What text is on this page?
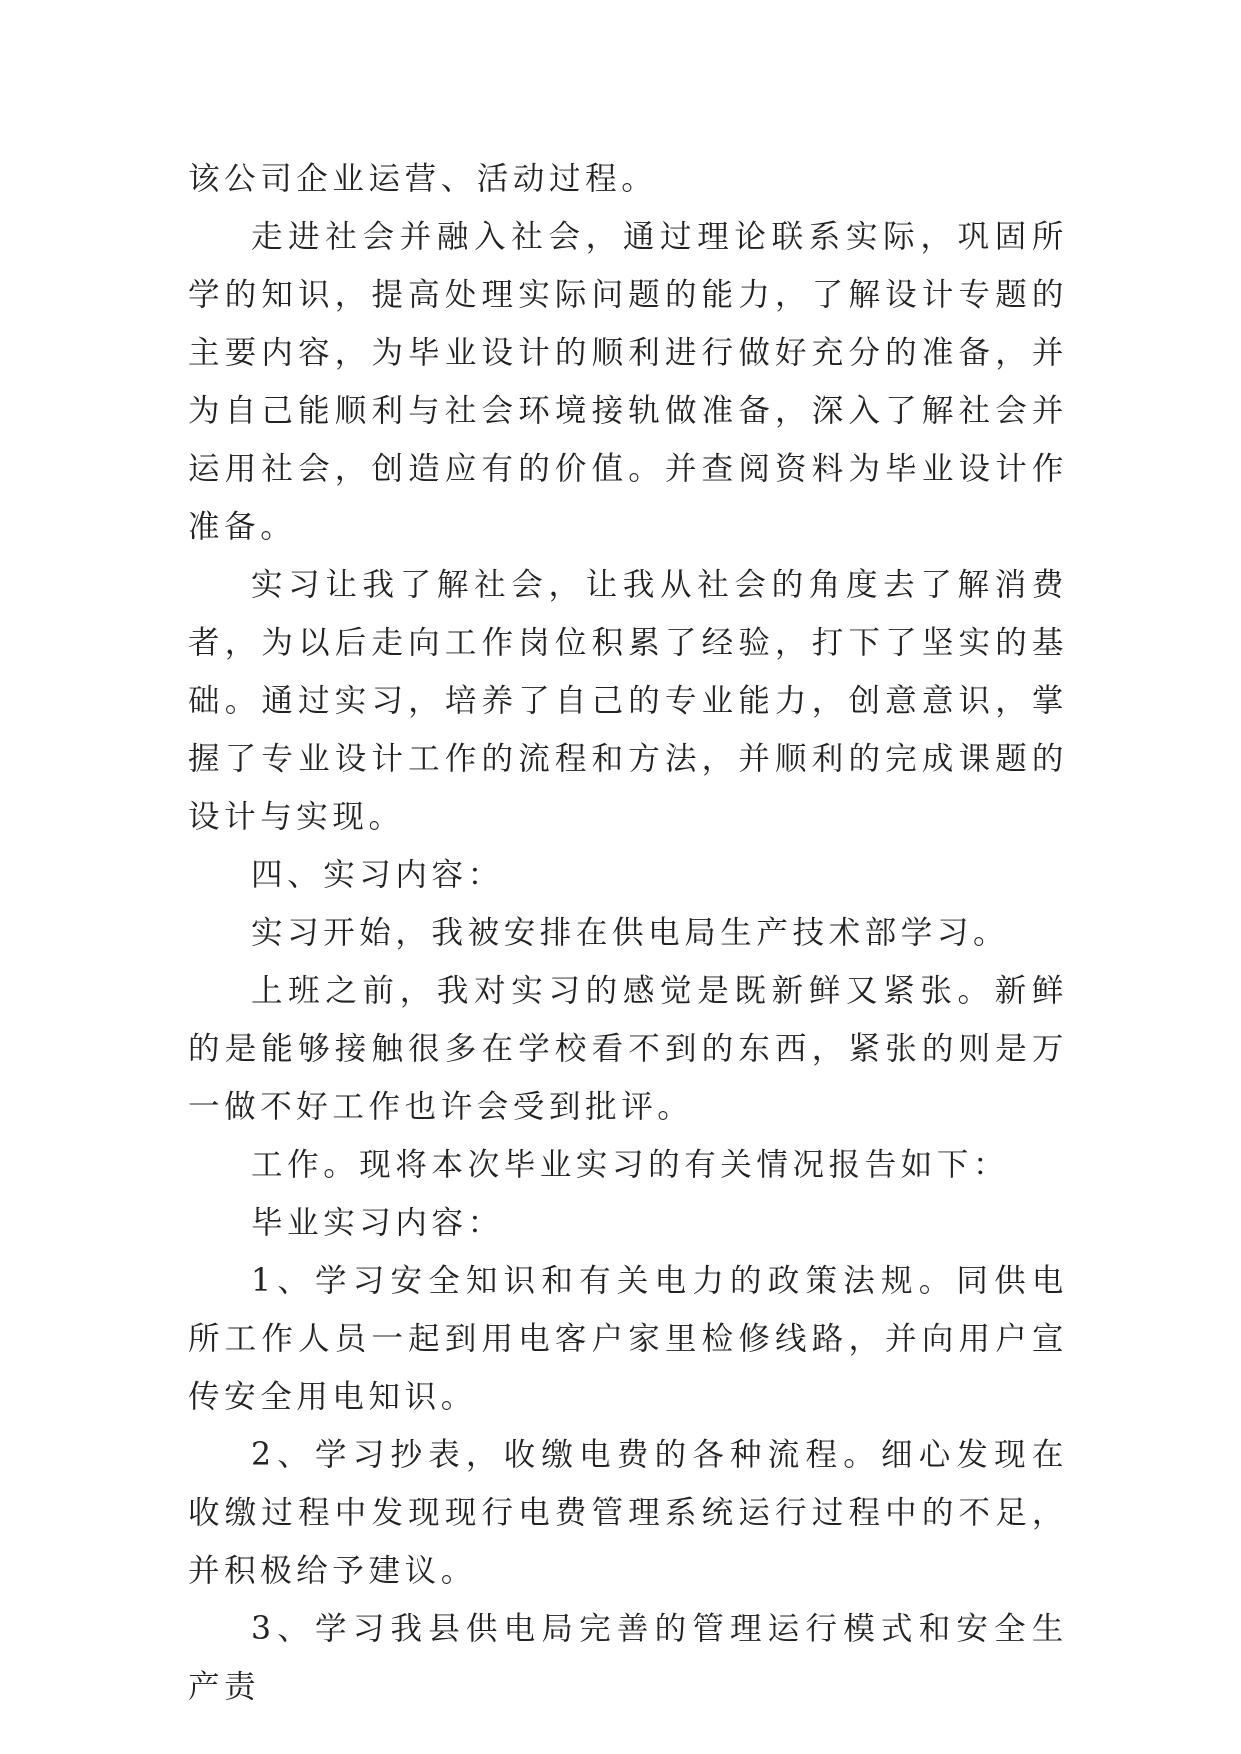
该公司企业运营、活动过程。

走进社会并融入社会，通过理论联系实际，巩固所学的知识，提高处理实际问题的能力，了解设计专题的主要内容，为毕业设计的顺利进行做好充分的准备，并为自己能顺利与社会环境接轨做准备，深入了解社会并运用社会，创造应有的价值。并查阅资料为毕业设计作准备。

实习让我了解社会，让我从社会的角度去了解消费者，为以后走向工作岗位积累了经验，打下了坚实的基础。通过实习，培养了自己的专业能力，创意意识，掌握了专业设计工作的流程和方法，并顺利的完成课题的设计与实现。

四、实习内容：

实习开始，我被安排在供电局生产技术部学习。

上班之前，我对实习的感觉是既新鲜又紧张。新鲜的是能够接触很多在学校看不到的东西，紧张的则是万一做不好工作也许会受到批评。

工作。现将本次毕业实习的有关情况报告如下：

毕业实习内容：

1、学习安全知识和有关电力的政策法规。同供电所工作人员一起到用电客户家里检修线路，并向用户宣传安全用电知识。

2、学习抄表，收缴电费的各种流程。细心发现在收缴过程中发现现行电费管理系统运行过程中的不足，并积极给予建议。

3、学习我县供电局完善的管理运行模式和安全生产责
